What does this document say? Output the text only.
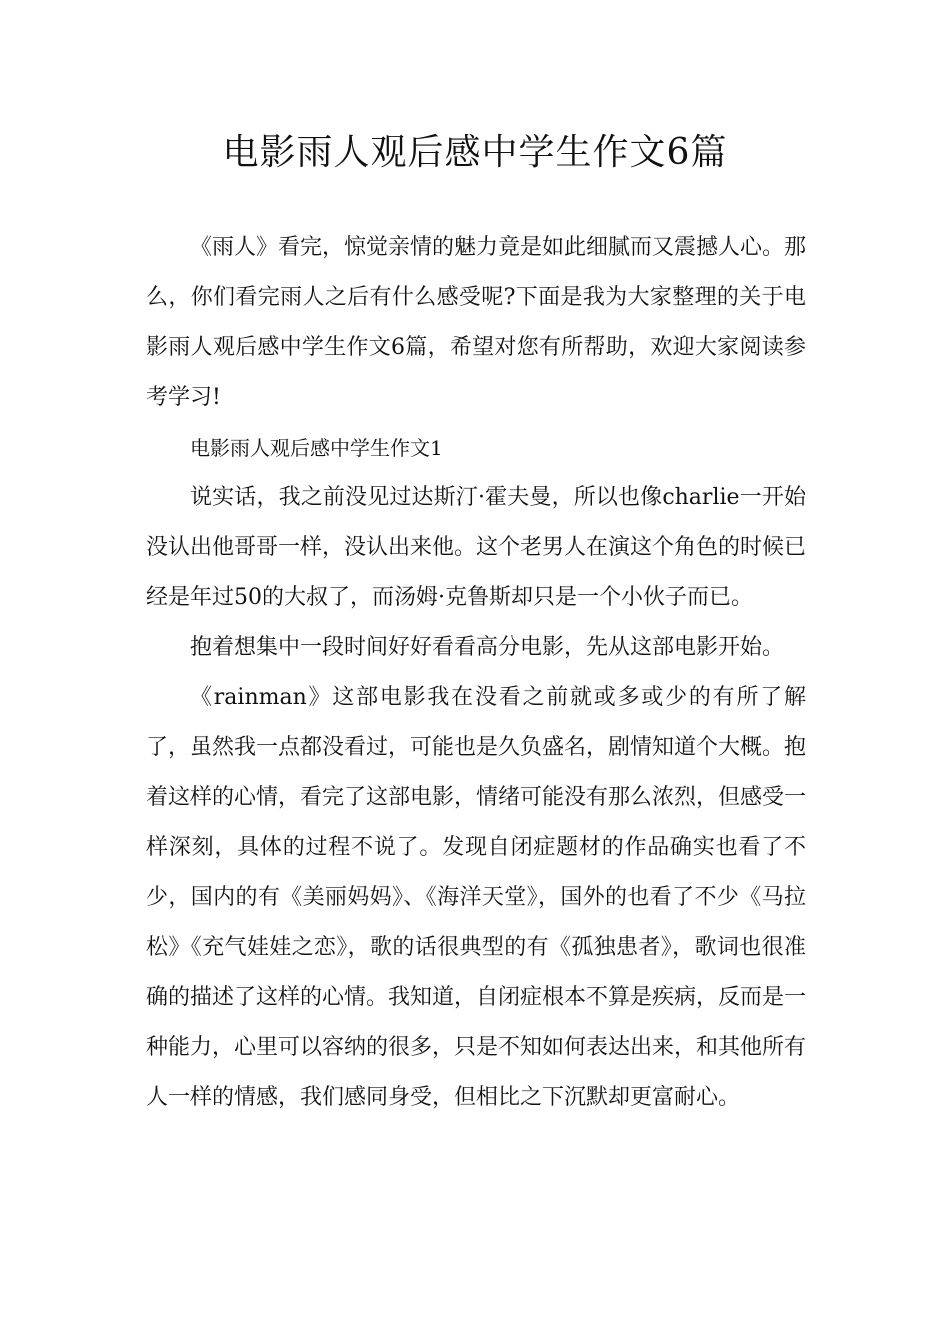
电影雨人观后感中学生作文6篇

《雨人》看完，惊觉亲情的魅力竟是如此细腻而又震撼人心。那么，你们看完雨人之后有什么感受呢?下面是我为大家整理的关于电影雨人观后感中学生作文6篇，希望对您有所帮助，欢迎大家阅读参考学习!

电影雨人观后感中学生作文1

说实话，我之前没见过达斯汀·霍夫曼，所以也像charlie一开始没认出他哥哥一样，没认出来他。这个老男人在演这个角色的时候已经是年过50的大叔了，而汤姆·克鲁斯却只是一个小伙子而已。

抱着想集中一段时间好好看看高分电影，先从这部电影开始。

《rainman》这部电影我在没看之前就或多或少的有所了解了，虽然我一点都没看过，可能也是久负盛名，剧情知道个大概。抱着这样的心情，看完了这部电影，情绪可能没有那么浓烈，但感受一样深刻，具体的过程不说了。发现自闭症题材的作品确实也看了不少，国内的有《美丽妈妈》、《海洋天堂》，国外的也看了不少《马拉松》《充气娃娃之恋》，歌的话很典型的有《孤独患者》，歌词也很准确的描述了这样的心情。我知道，自闭症根本不算是疾病，反而是一种能力，心里可以容纳的很多，只是不知如何表达出来，和其他所有人一样的情感，我们感同身受，但相比之下沉默却更富耐心。
